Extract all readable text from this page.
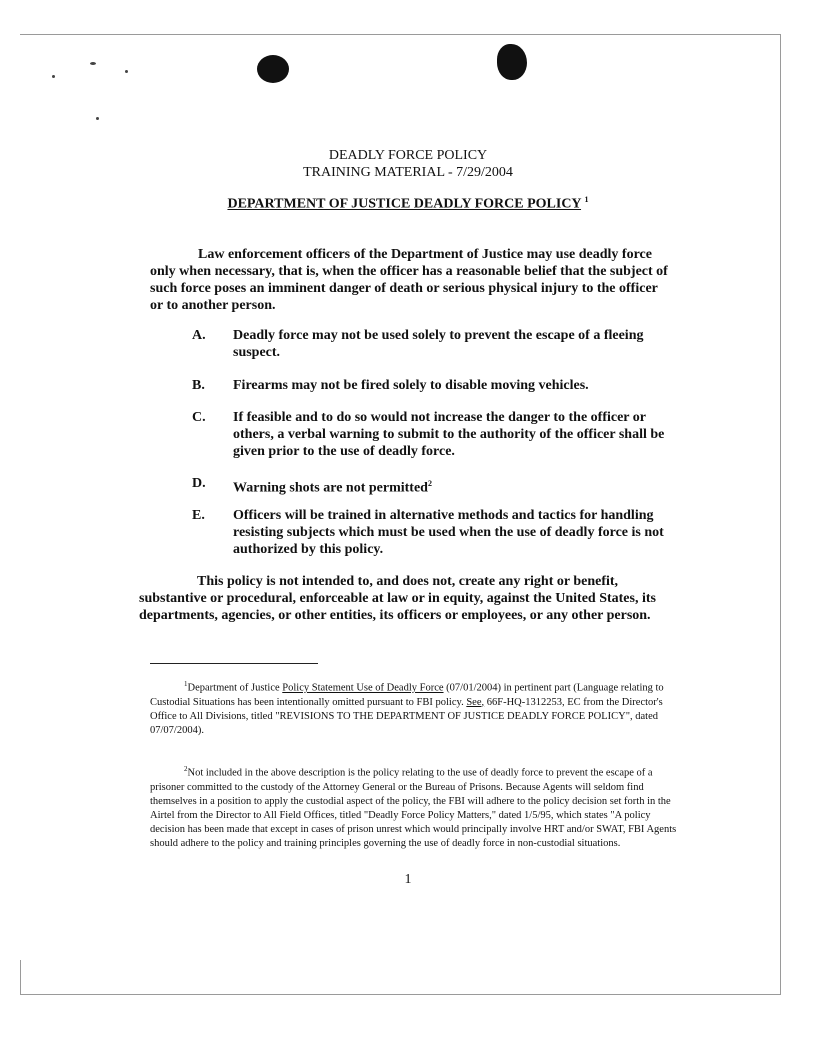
DEADLY FORCE POLICY
TRAINING MATERIAL - 7/29/2004
DEPARTMENT OF JUSTICE DEADLY FORCE POLICY $^1$
Law enforcement officers of the Department of Justice may use deadly force only when necessary, that is, when the officer has a reasonable belief that the subject of such force poses an imminent danger of death or serious physical injury to the officer or to another person.
A. Deadly force may not be used solely to prevent the escape of a fleeing suspect.
B. Firearms may not be fired solely to disable moving vehicles.
C. If feasible and to do so would not increase the danger to the officer or others, a verbal warning to submit to the authority of the officer shall be given prior to the use of deadly force.
D. Warning shots are not permitted$^2$
E. Officers will be trained in alternative methods and tactics for handling resisting subjects which must be used when the use of deadly force is not authorized by this policy.
This policy is not intended to, and does not, create any right or benefit, substantive or procedural, enforceable at law or in equity, against the United States, its departments, agencies, or other entities, its officers or employees, or any other person.
$^1$Department of Justice Policy Statement Use of Deadly Force (07/01/2004) in pertinent part (Language relating to Custodial Situations has been intentionally omitted pursuant to FBI policy. See, 66F-HQ-1312253, EC from the Director's Office to All Divisions, titled "REVISIONS TO THE DEPARTMENT OF JUSTICE DEADLY FORCE POLICY", dated 07/07/2004).
$^2$Not included in the above description is the policy relating to the use of deadly force to prevent the escape of a prisoner committed to the custody of the Attorney General or the Bureau of Prisons. Because Agents will seldom find themselves in a position to apply the custodial aspect of the policy, the FBI will adhere to the policy decision set forth in the Airtel from the Director to All Field Offices, titled "Deadly Force Policy Matters," dated 1/5/95, which states "A policy decision has been made that except in cases of prison unrest which would principally involve HRT and/or SWAT, FBI Agents should adhere to the policy and training principles governing the use of deadly force in non-custodial situations.
1
